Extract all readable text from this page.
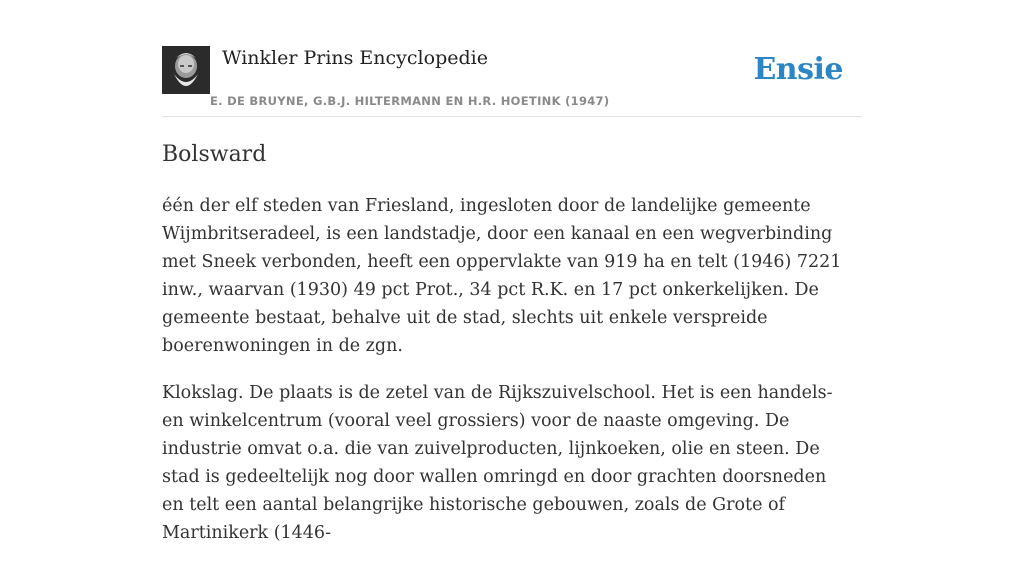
Winkler Prins Encyclopedie
E. DE BRUYNE, G.B.J. HILTERMANN EN H.R. HOETINK (1947)
Ensie
Bolsward

één der elf steden van Friesland, ingesloten door de landelijke gemeente Wijmbritseradeel, is een landstadje, door een kanaal en een wegverbinding met Sneek verbonden, heeft een oppervlakte van 919 ha en telt (1946) 7221 inw., waarvan (1930) 49 pct Prot., 34 pct R.K. en 17 pct onkerkelijken. De gemeente bestaat, behalve uit de stad, slechts uit enkele verspreide boerenwoningen in de zgn.

Klokslag. De plaats is de zetel van de Rijkszuivelschool. Het is een handels- en winkelcentrum (vooral veel grossiers) voor de naaste omgeving. De industrie omvat o.a. die van zuivelproducten, lijnkoeken, olie en steen. De stad is gedeeltelijk nog door wallen omringd en door grachten doorsneden en telt een aantal belangrijke historische gebouwen, zoals de Grote of Martinikerk (1446-
